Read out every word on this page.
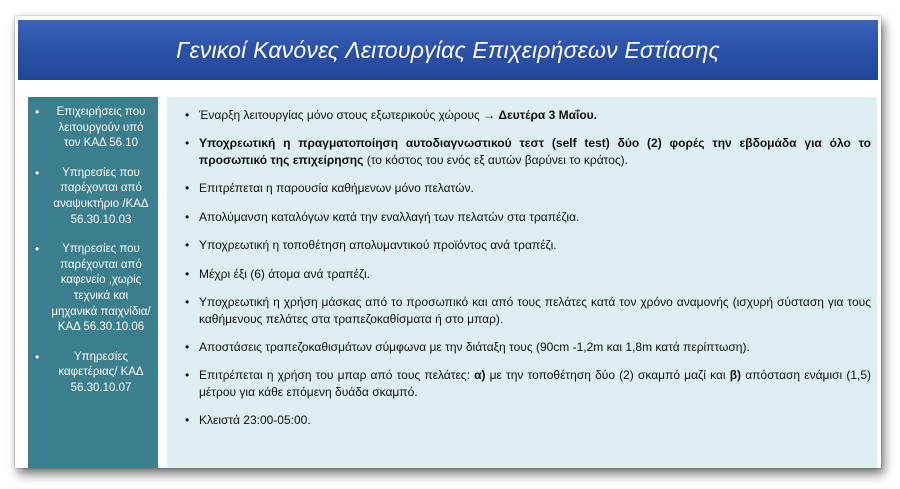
Γενικοί Κανόνες Λειτουργίας Επιχειρήσεων Εστίασης
•	Επιχειρήσεις που λειτουργούν υπό τον ΚΑΔ 56.10
•	Υπηρεσίες που παρέχονται από αναψυκτήριο /ΚΑΔ 56.30.10.03
•	Υπηρεσίες που παρέχονται από καφενείο ,χωρίς τεχνικά και μηχανικά παιχνίδια/ ΚΑΔ 56.30.10.06
•	Υπηρεσίες καφετέριας/ ΚΑΔ 56.30.10.07
• Έναρξη λειτουργίας μόνο στους εξωτερικούς χώρους → Δευτέρα 3 Μαΐου.
• Υποχρεωτική η πραγματοποίηση αυτοδιαγνωστικού τεστ (self test) δύο (2) φορές την εβδομάδα για όλο το προσωπικό της επιχείρησης (το κόστος του ενός εξ αυτών βαρύνει το κράτος).
• Επιτρέπεται η παρουσία καθήμενων μόνο πελατών.
• Απολύμανση καταλόγων κατά την εναλλαγή των πελατών στα τραπέζια.
• Υποχρεωτική η τοποθέτηση απολυμαντικού προϊόντος ανά τραπέζι.
• Μέχρι έξι (6) άτομα ανά τραπέζι.
• Υποχρεωτική η χρήση μάσκας από το προσωπικό και από τους πελάτες κατά τον χρόνο αναμονής (ισχυρή σύσταση για τους καθήμενους πελάτες στα τραπεζοκαθίσματα ή στο μπαρ).
• Αποστάσεις τραπεζοκαθισμάτων σύμφωνα με την διάταξη τους (90cm -1,2m και 1,8m κατά περίπτωση).
• Επιτρέπεται η χρήση του μπαρ από τους πελάτες: α) με την τοποθέτηση δύο (2) σκαμπό μαζί και β) απόσταση ενάμισι (1,5) μέτρου για κάθε επόμενη δυάδα σκαμπό.
• Κλειστά 23:00-05:00.
